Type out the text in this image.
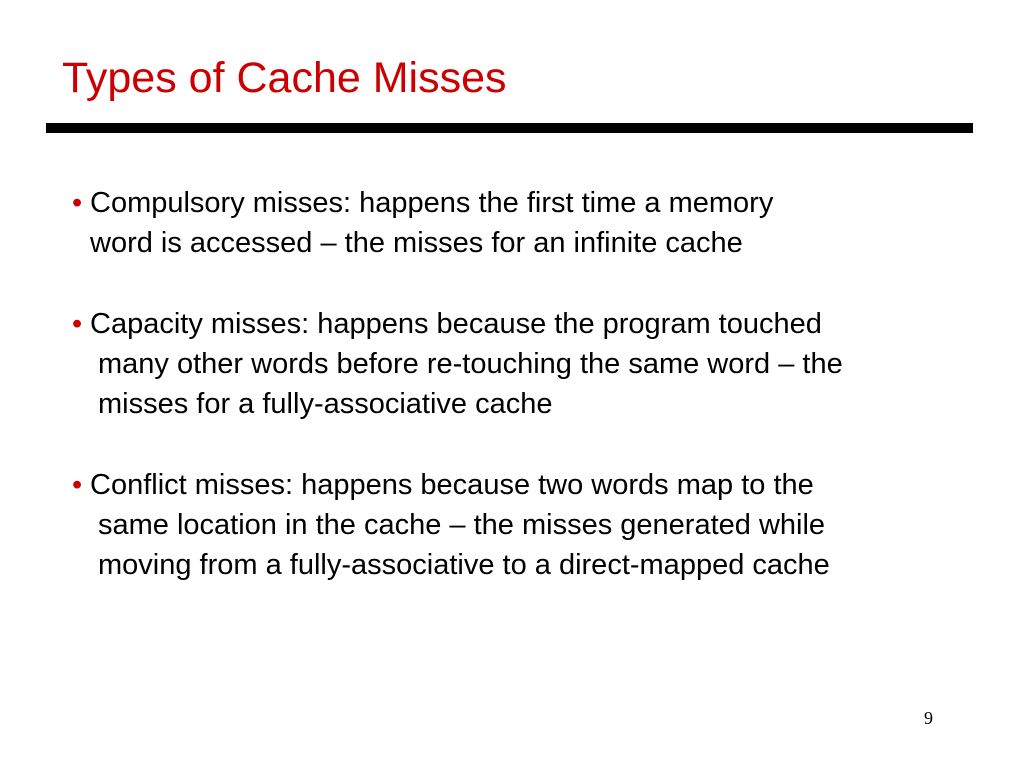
Types of Cache Misses
• Compulsory misses: happens the first time a memory
word is accessed – the misses for an infinite cache
• Capacity misses: happens because the program touched
many other words before re-touching the same word – the
misses for a fully-associative cache
• Conflict misses: happens because two words map to the
same location in the cache – the misses generated while
moving from a fully-associative to a direct-mapped cache
9
